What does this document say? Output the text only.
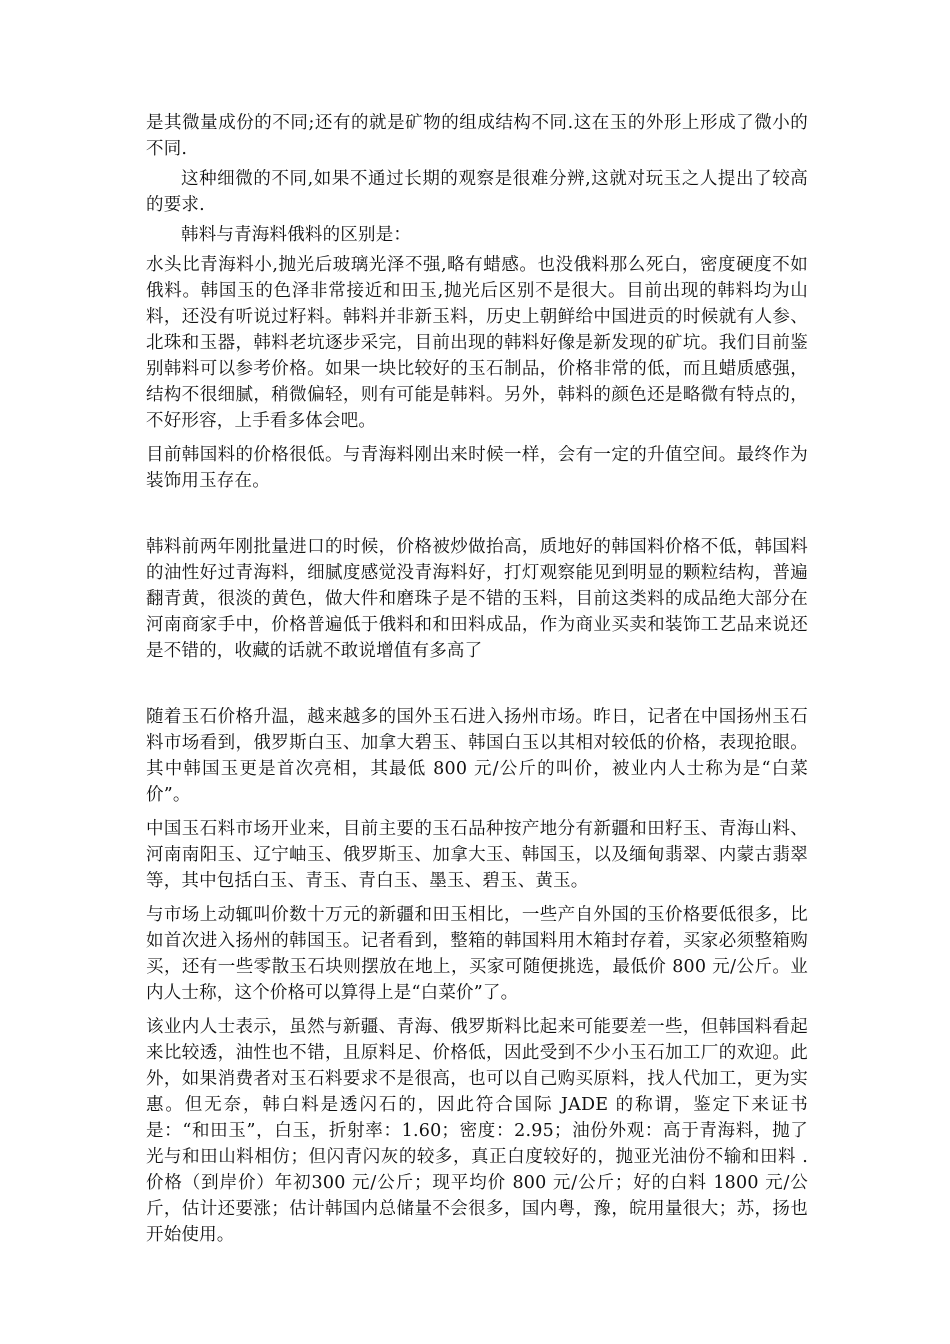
是其微量成份的不同;还有的就是矿物的组成结构不同.这在玉的外形上形成了微小的不同.

这种细微的不同,如果不通过长期的观察是很难分辨,这就对玩玉之人提出了较高的要求.

韩料与青海料俄料的区别是：

水头比青海料小,抛光后玻璃光泽不强,略有蜡感。也没俄料那么死白，密度硬度不如俄料。韩国玉的色泽非常接近和田玉,抛光后区别不是很大。目前出现的韩料均为山料，还没有听说过籽料。韩料并非新玉料，历史上朝鲜给中国进贡的时候就有人参、北珠和玉器，韩料老坑逐步采完，目前出现的韩料好像是新发现的矿坑。我们目前鉴别韩料可以参考价格。如果一块比较好的玉石制品，价格非常的低，而且蜡质感强，结构不很细腻，稍微偏轻，则有可能是韩料。另外，韩料的颜色还是略微有特点的，不好形容，上手看多体会吧。

目前韩国料的价格很低。与青海料刚出来时候一样，会有一定的升值空间。最终作为装饰用玉存在。

韩料前两年刚批量进口的时候，价格被炒做抬高，质地好的韩国料价格不低，韩国料的油性好过青海料，细腻度感觉没青海料好，打灯观察能见到明显的颗粒结构，普遍翻青黄，很淡的黄色，做大件和磨珠子是不错的玉料，目前这类料的成品绝大部分在河南商家手中，价格普遍低于俄料和和田料成品，作为商业买卖和装饰工艺品来说还是不错的，收藏的话就不敢说增值有多高了

随着玉石价格升温，越来越多的国外玉石进入扬州市场。昨日，记者在中国扬州玉石料市场看到，俄罗斯白玉、加拿大碧玉、韩国白玉以其相对较低的价格，表现抢眼。其中韩国玉更是首次亮相，其最低 800 元/公斤的叫价，被业内人士称为是“白菜价”。

中国玉石料市场开业来，目前主要的玉石品种按产地分有新疆和田籽玉、青海山料、河南南阳玉、辽宁岫玉、俄罗斯玉、加拿大玉、韩国玉，以及缅甸翡翠、内蒙古翡翠等，其中包括白玉、青玉、青白玉、墨玉、碧玉、黄玉。

与市场上动辄叫价数十万元的新疆和田玉相比，一些产自外国的玉价格要低很多，比如首次进入扬州的韩国玉。记者看到，整箱的韩国料用木箱封存着，买家必须整箱购买，还有一些零散玉石块则摆放在地上，买家可随便挑选，最低价 800 元/公斤。业内人士称，这个价格可以算得上是“白菜价”了。

该业内人士表示，虽然与新疆、青海、俄罗斯料比起来可能要差一些，但韩国料看起来比较透，油性也不错，且原料足、价格低，因此受到不少小玉石加工厂的欢迎。此外，如果消费者对玉石料要求不是很高，也可以自己购买原料，找人代加工，更为实惠。但无奈，韩白料是透闪石的，因此符合国际 JADE 的称谓，鉴定下来证书是：“和田玉”，白玉，折射率：1.60；密度：2.95；油份外观：高于青海料，抛了光与和田山料相仿；但闪青闪灰的较多，真正白度较好的，抛亚光油份不输和田料 .价格（到岸价）年初300 元/公斤；现平均价 800 元/公斤；好的白料 1800 元/公斤，估计还要涨；估计韩国内总储量不会很多，国内粤，豫，皖用量很大；苏，扬也开始使用。
